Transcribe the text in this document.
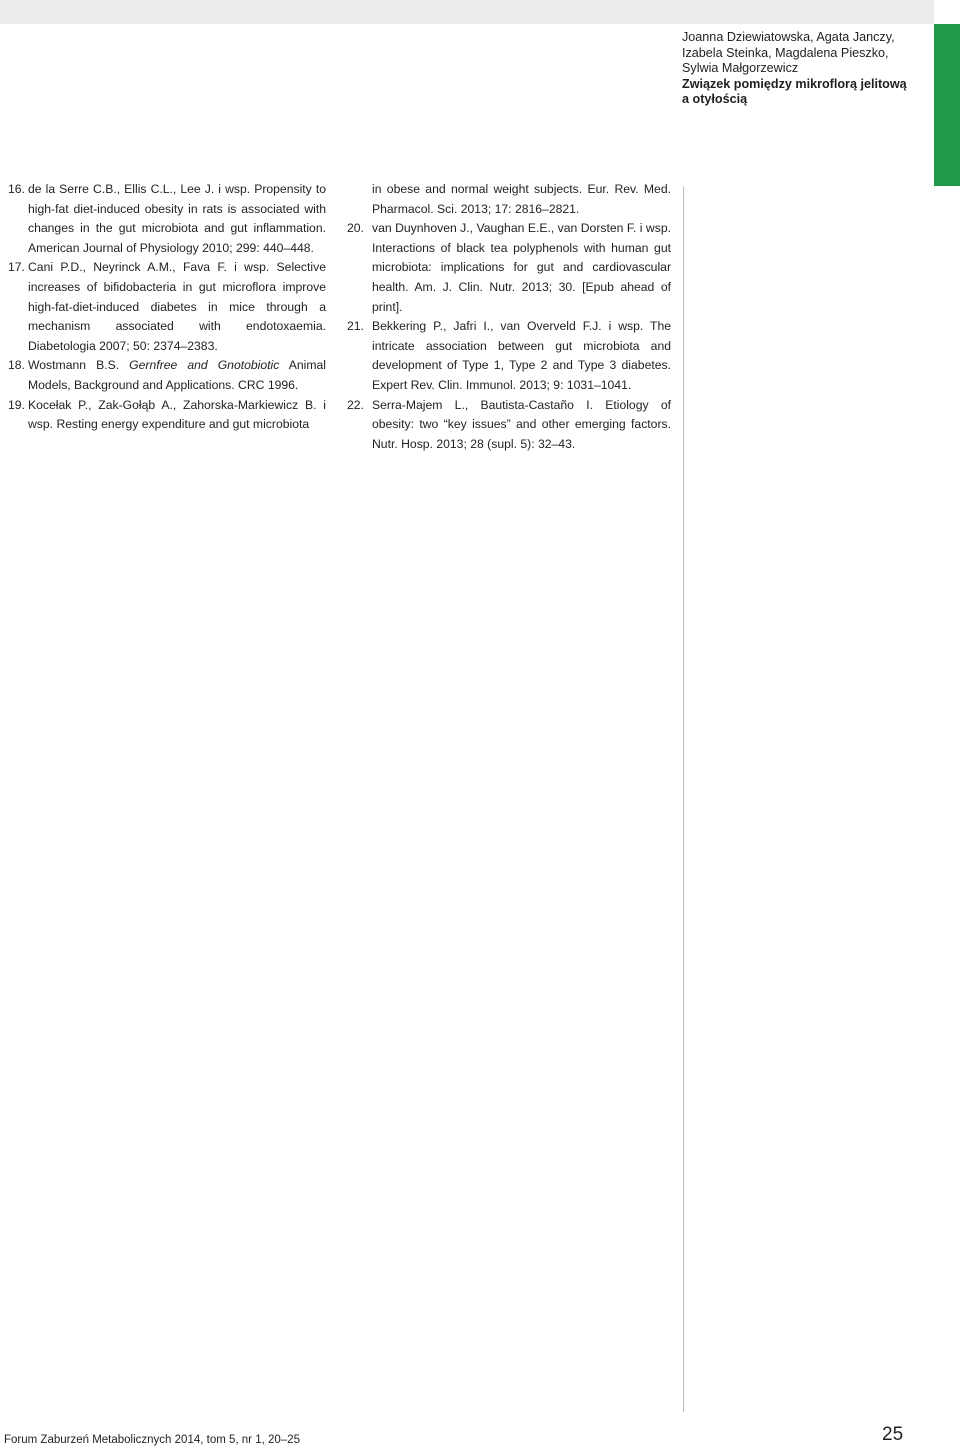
Joanna Dziewiatowska, Agata Janczy,
Izabela Steinka, Magdalena Pieszko,
Sylwia Małgorzewicz
Związek pomiędzy mikroflorą jelitową
a otyłością
16. de la Serre C.B., Ellis C.L., Lee J. i wsp. Propensity to high-fat diet-induced obesity in rats is associated with changes in the gut microbiota and gut inflammation. American Journal of Physiology 2010; 299: 440–448.
17. Cani P.D., Neyrinck A.M., Fava F. i wsp. Selective increases of bifidobacteria in gut microflora improve high-fat-diet-induced diabetes in mice through a mechanism associated with endotoxaemia. Diabetologia 2007; 50: 2374–2383.
18. Wostmann B.S. Gernfree and Gnotobiotic Animal Models, Background and Applications. CRC 1996.
19. Kocełak P., Zak-Gołąb A., Zahorska-Markiewicz B. i wsp. Resting energy expenditure and gut microbiota
in obese and normal weight subjects. Eur. Rev. Med. Pharmacol. Sci. 2013; 17: 2816–2821.
20. van Duynhoven J., Vaughan E.E., van Dorsten F. i wsp. Interactions of black tea polyphenols with human gut microbiota: implications for gut and cardiovascular health. Am. J. Clin. Nutr. 2013; 30. [Epub ahead of print].
21. Bekkering P., Jafri I., van Overveld F.J. i wsp. The intricate association between gut microbiota and development of Type 1, Type 2 and Type 3 diabetes. Expert Rev. Clin. Immunol. 2013; 9: 1031–1041.
22. Serra-Majem L., Bautista-Castaño I. Etiology of obesity: two “key issues” and other emerging factors. Nutr. Hosp. 2013; 28 (supl. 5): 32–43.
Forum Zaburzeń Metabolicznych 2014, tom 5, nr 1, 20–25	25
